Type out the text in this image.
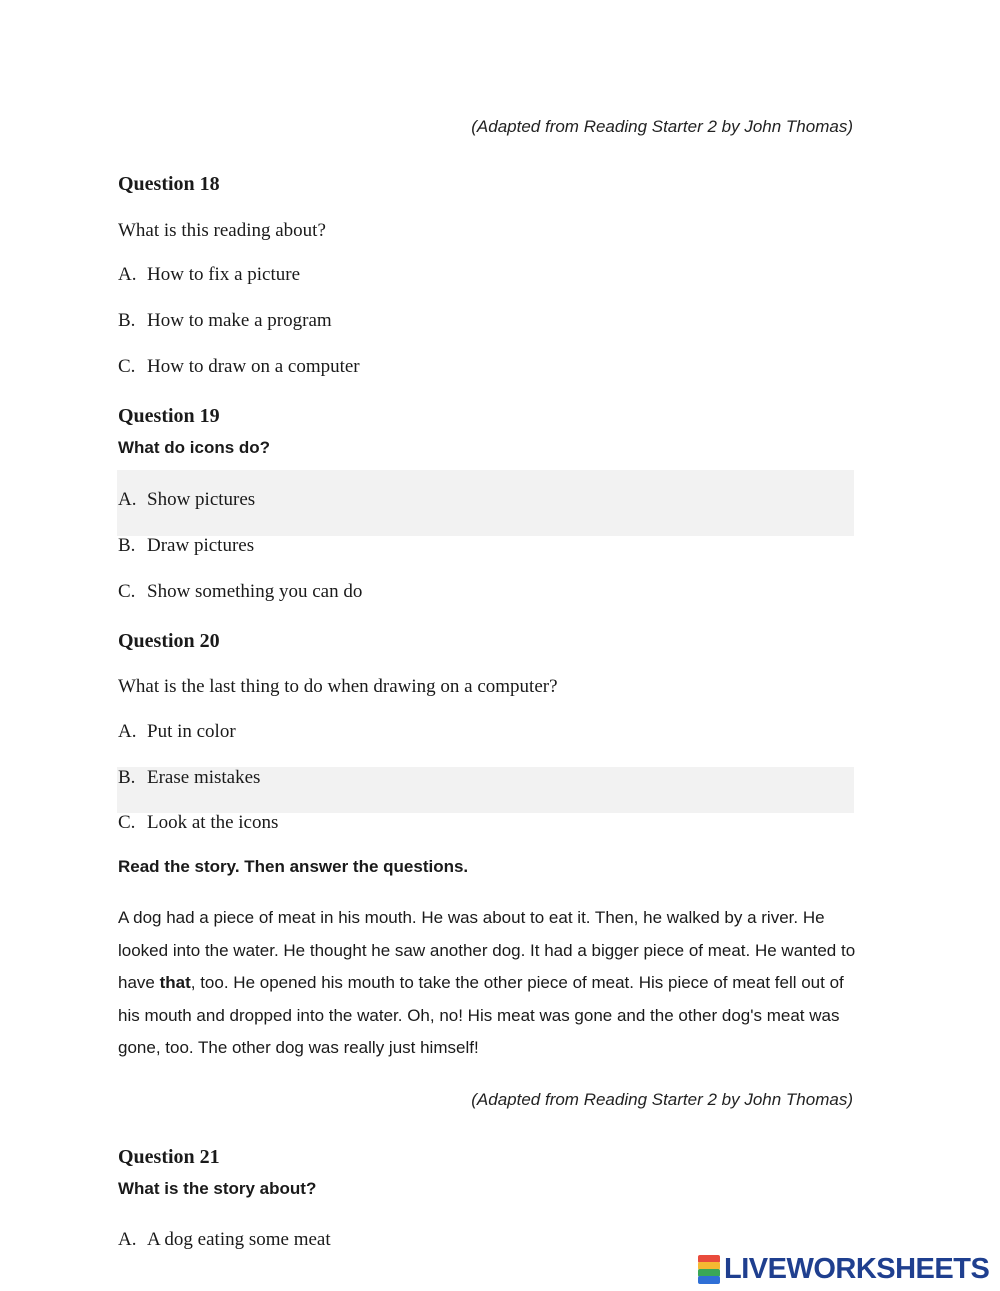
(Adapted from Reading Starter 2 by John Thomas)
Question 18
What is this reading about?
A. How to fix a picture
B. How to make a program
C. How to draw on a computer
Question 19
What do icons do?
A. Show pictures
B. Draw pictures
C. Show something you can do
Question 20
What is the last thing to do when drawing on a computer?
A. Put in color
B. Erase mistakes
C. Look at the icons
Read the story. Then answer the questions.
A dog had a piece of meat in his mouth. He was about to eat it. Then, he walked by a river. He looked into the water. He thought he saw another dog. It had a bigger piece of meat. He wanted to have that, too. He opened his mouth to take the other piece of meat. His piece of meat fell out of his mouth and dropped into the water. Oh, no! His meat was gone and the other dog's meat was gone, too. The other dog was really just himself!
(Adapted from Reading Starter 2 by John Thomas)
Question 21
What is the story about?
A. A dog eating some meat
LIVEWORKSHEETS
